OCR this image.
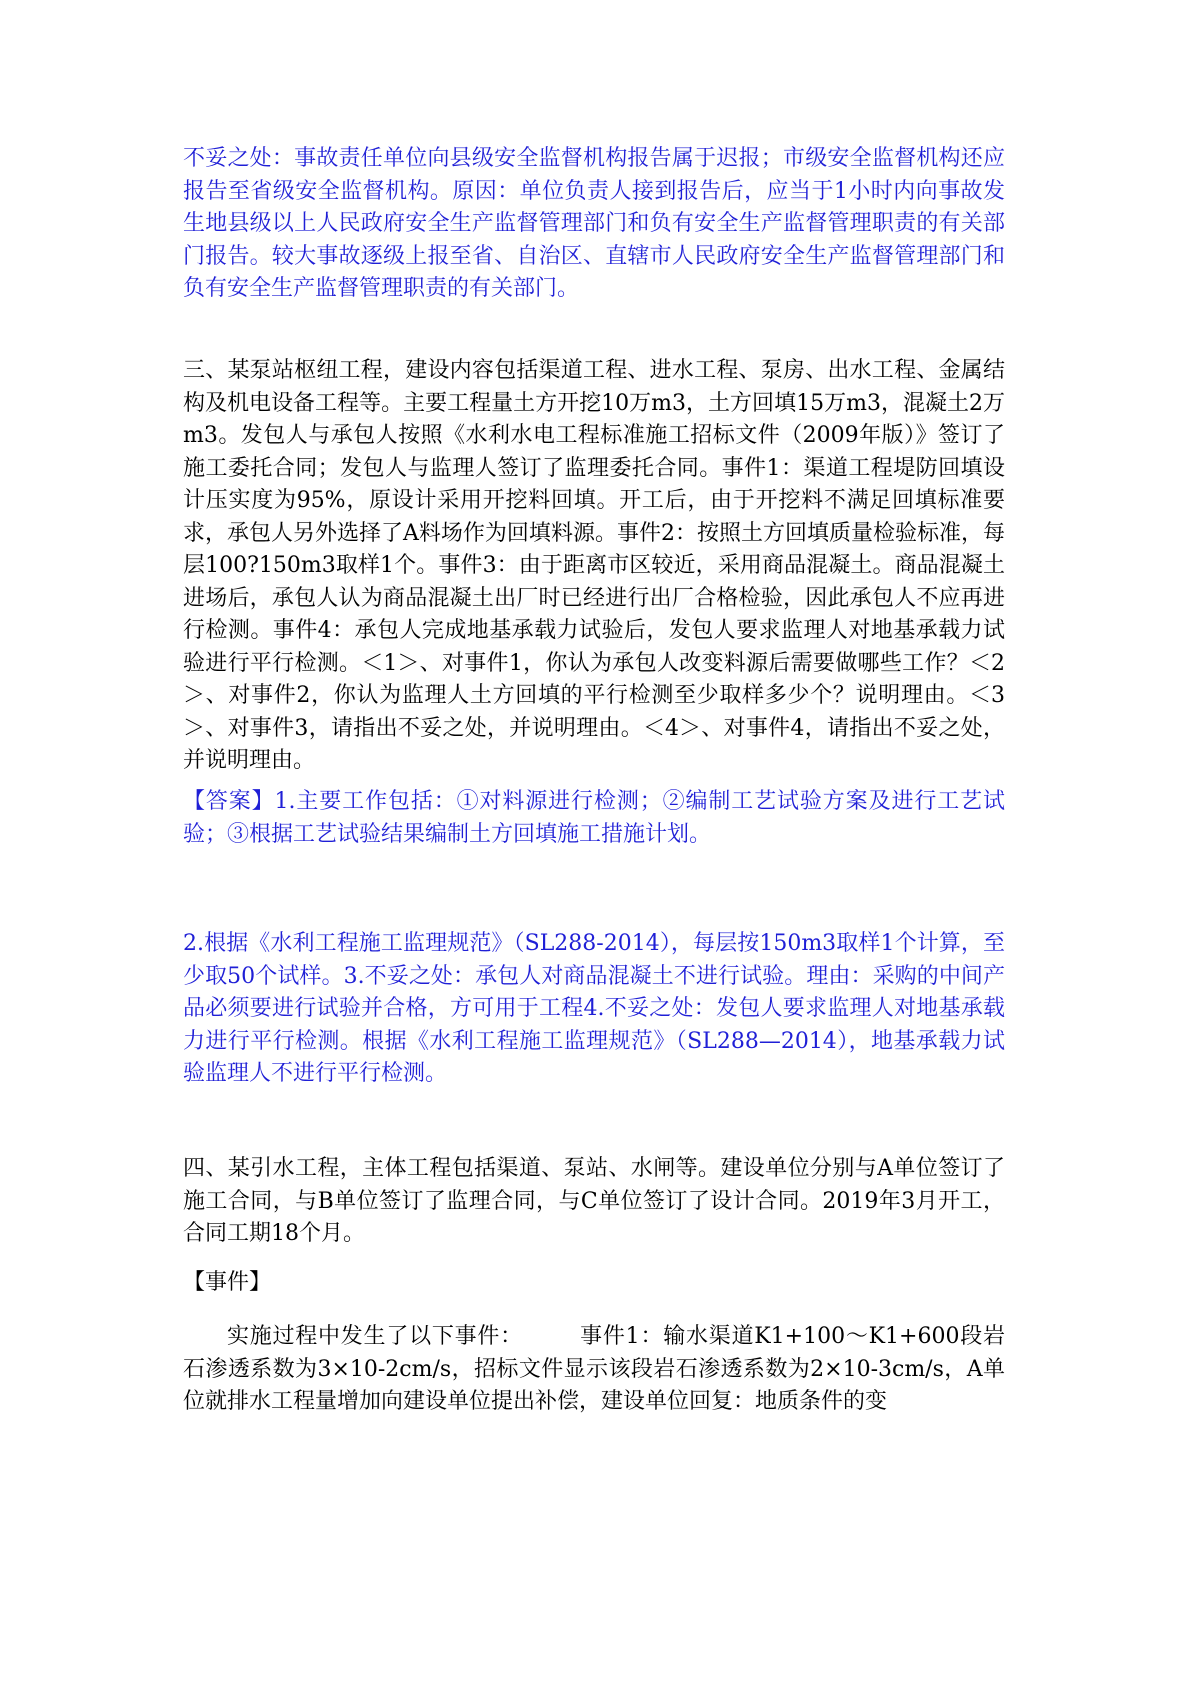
不妥之处：事故责任单位向县级安全监督机构报告属于迟报；市级安全监督机构还应报告至省级安全监督机构。原因：单位负责人接到报告后，应当于1小时内向事故发生地县级以上人民政府安全生产监督管理部门和负有安全生产监督管理职责的有关部门报告。较大事故逐级上报至省、自治区、直辖市人民政府安全生产监督管理部门和负有安全生产监督管理职责的有关部门。

三、某泵站枢纽工程，建设内容包括渠道工程、进水工程、泵房、出水工程、金属结构及机电设备工程等。主要工程量土方开挖10万m3，土方回填15万m3，混凝土2万m3。发包人与承包人按照《水利水电工程标准施工招标文件（2009年版）》签订了施工委托合同；发包人与监理人签订了监理委托合同。事件1：渠道工程堤防回填设计压实度为95%，原设计采用开挖料回填。开工后，由于开挖料不满足回填标准要求，承包人另外选择了A料场作为回填料源。事件2：按照土方回填质量检验标准，每层100?150m3取样1个。事件3：由于距离市区较近，采用商品混凝土。商品混凝土进场后，承包人认为商品混凝土出厂时已经进行出厂合格检验，因此承包人不应再进行检测。事件4：承包人完成地基承载力试验后，发包人要求监理人对地基承载力试验进行平行检测。＜1＞、对事件1，你认为承包人改变料源后需要做哪些工作？＜2＞、对事件2，你认为监理人土方回填的平行检测至少取样多少个？说明理由。＜3＞、对事件3，请指出不妥之处，并说明理由。＜4＞、对事件4，请指出不妥之处，并说明理由。

【答案】1.主要工作包括：①对料源进行检测；②编制工艺试验方案及进行工艺试验；③根据工艺试验结果编制土方回填施工措施计划。

2.根据《水利工程施工监理规范》（SL288-2014），每层按150m3取样1个计算，至少取50个试样。3.不妥之处：承包人对商品混凝土不进行试验。理由：采购的中间产品必须要进行试验并合格，方可用于工程4.不妥之处：发包人要求监理人对地基承载力进行平行检测。根据《水利工程施工监理规范》（SL288—2014），地基承载力试验监理人不进行平行检测。

四、某引水工程，主体工程包括渠道、泵站、水闸等。建设单位分别与A单位签订了施工合同，与B单位签订了监理合同，与C单位签订了设计合同。2019年3月开工，合同工期18个月。

【事件】

实施过程中发生了以下事件：　　　事件1：输水渠道K1+100～K1+600段岩石渗透系数为3×10-2cm/s，招标文件显示该段岩石渗透系数为2×10-3cm/s，A单位就排水工程量增加向建设单位提出补偿，建设单位回复：地质条件的变
